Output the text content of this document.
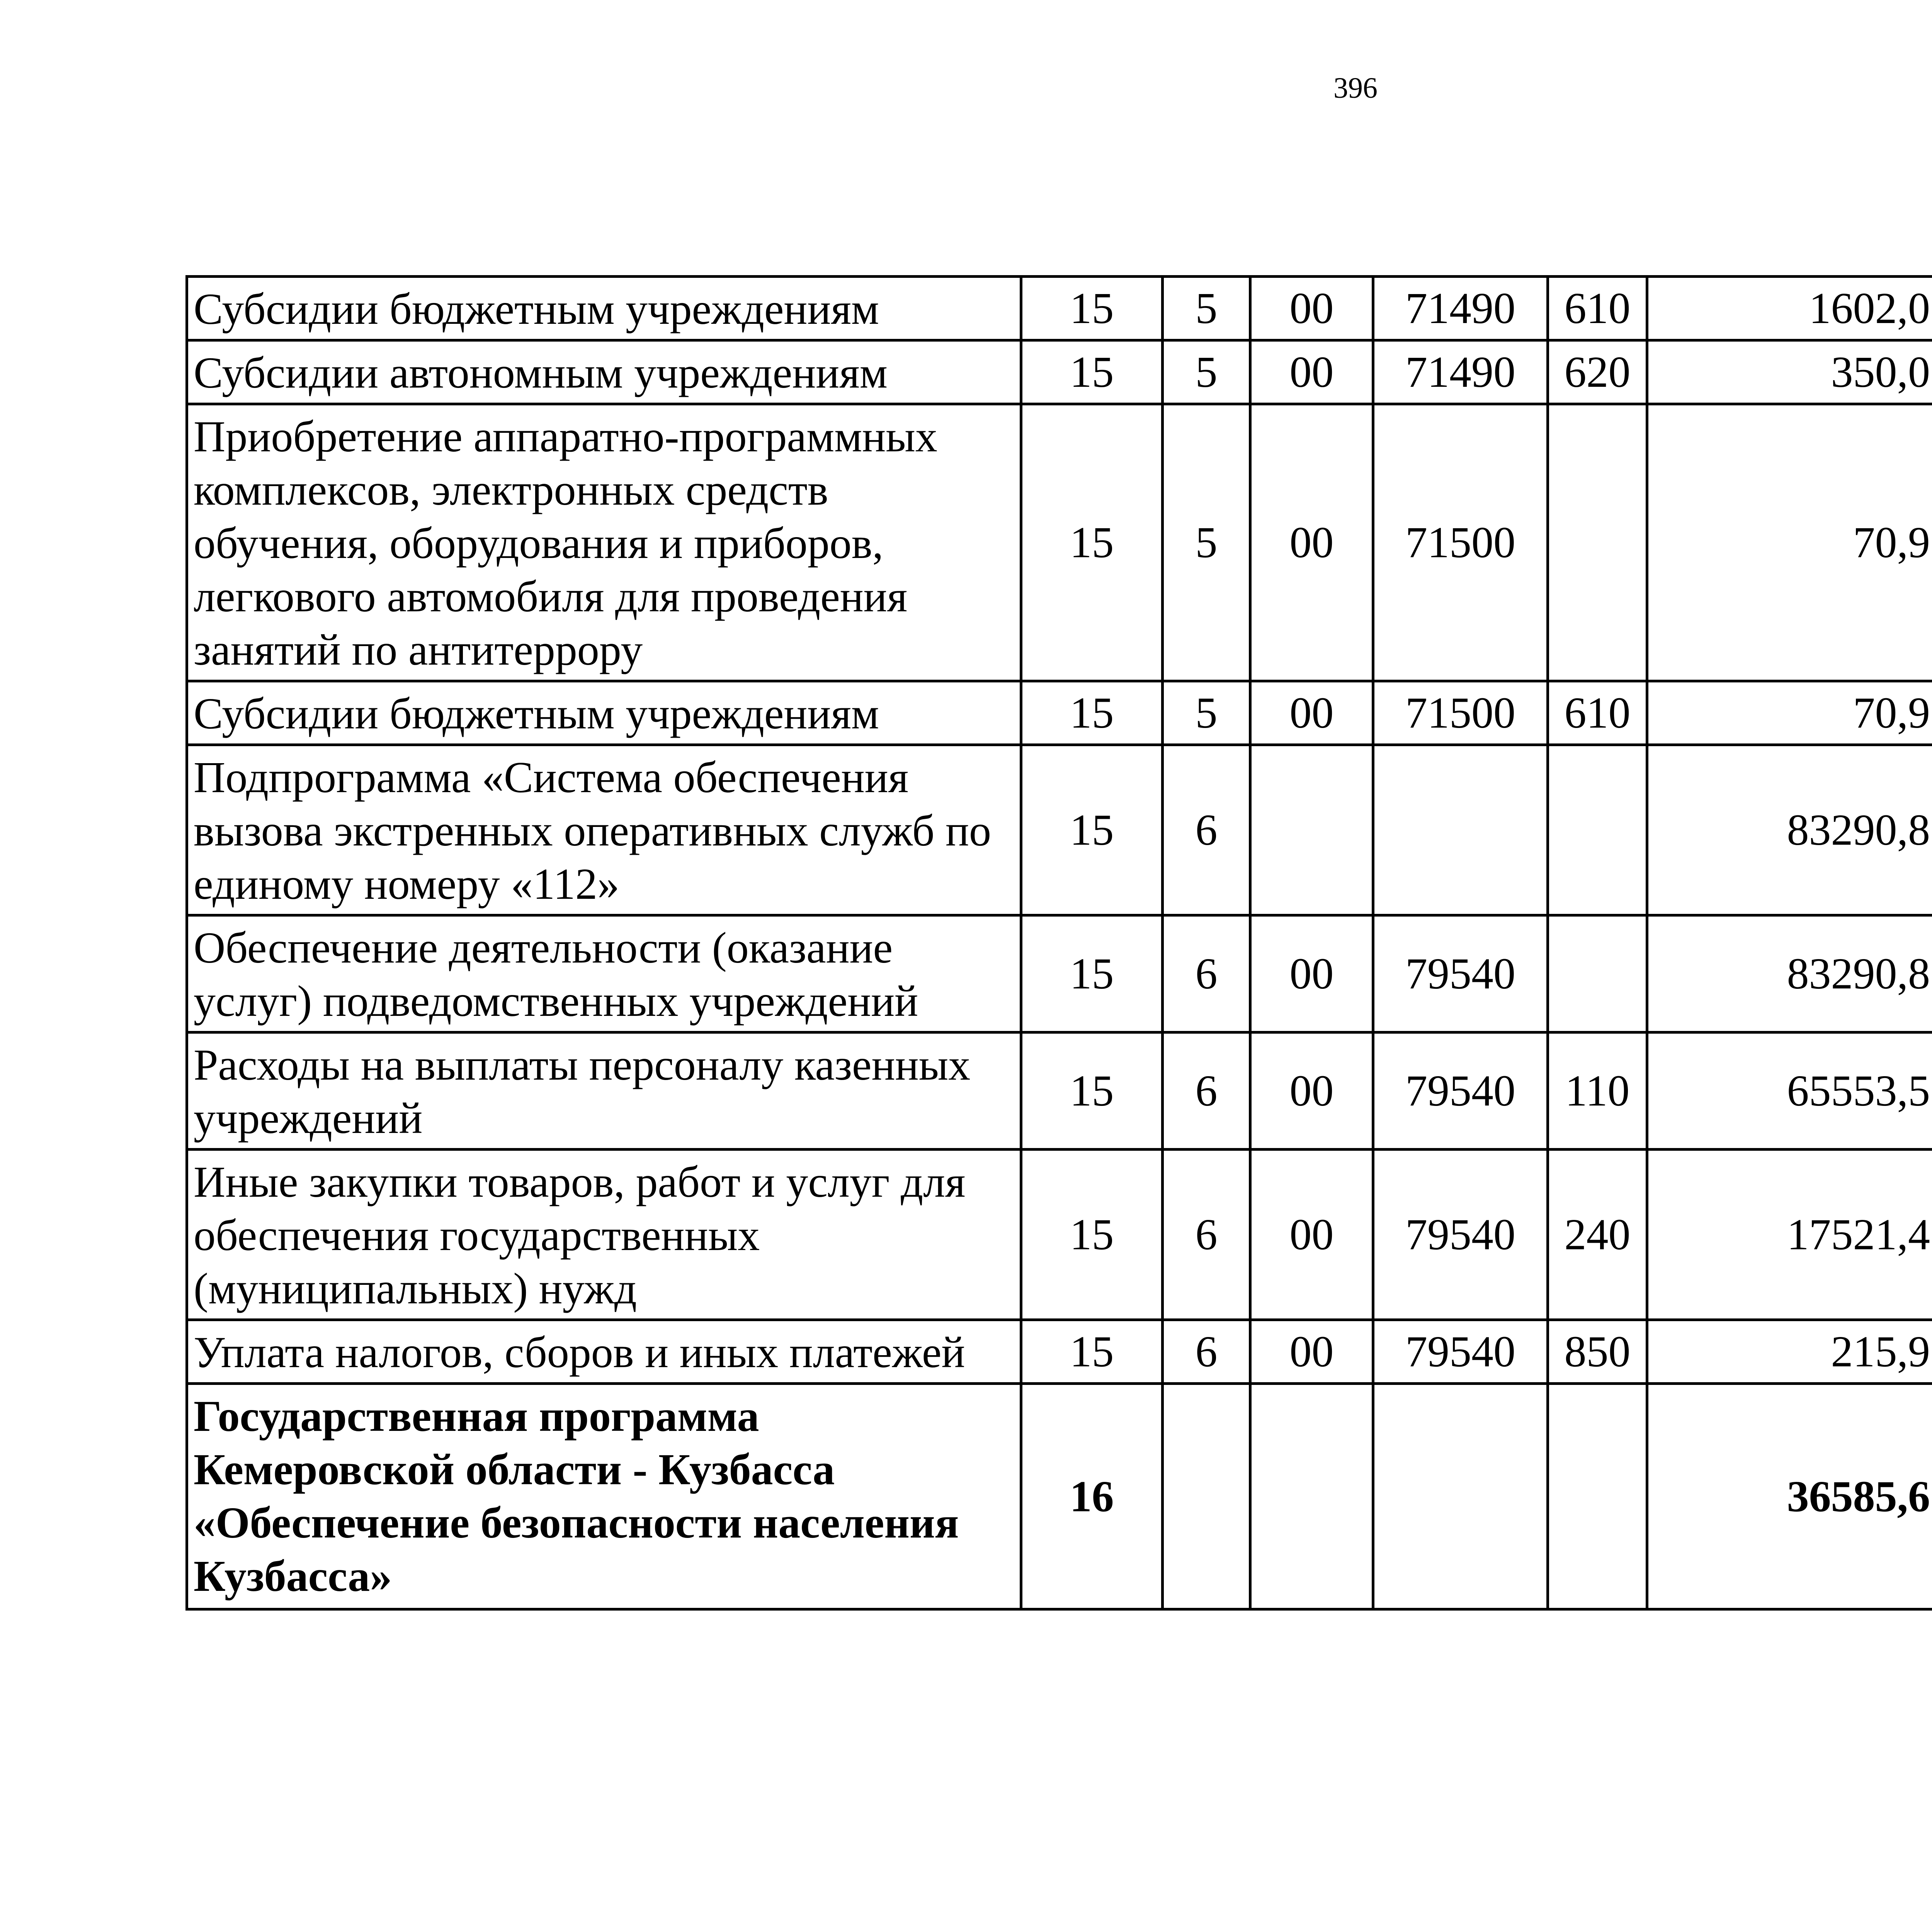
396
Субсидии бюджетным учреждениям	15	5	00	71490	610	1602,0		
Субсидии автономным учреждениям	15	5	00	71490	620	350,0		
Приобретение аппаратно-программных комплексов, электронных средств обучения, оборудования и приборов, легкового автомобиля для проведения занятий по антитеррору	15	5	00	71500		70,9		
Субсидии бюджетным учреждениям	15	5	00	71500	610	70,9		
Подпрограмма «Система обеспечения вызова экстренных оперативных служб по единому номеру «112»	15	6				83290,8		
Обеспечение деятельности (оказание услуг) подведомственных учреждений	15	6	00	79540		83290,8		
Расходы на выплаты персоналу казенных учреждений	15	6	00	79540	110	65553,5		
Иные закупки товаров, работ и услуг для обеспечения государственных (муниципальных) нужд	15	6	00	79540	240	17521,4		
Уплата налогов, сборов и иных платежей	15	6	00	79540	850	215,9		
Государственная программа Кемеровской области - Кузбасса «Обеспечение безопасности населения Кузбасса»	16					36585,6		
